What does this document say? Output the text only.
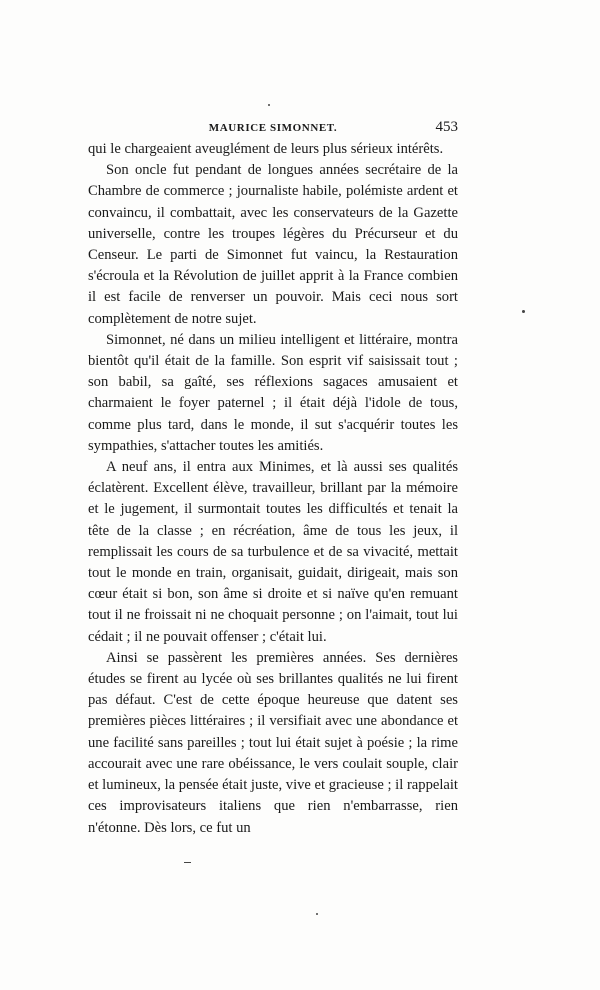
MAURICE SIMONNET.	453

qui le chargeaient aveuglément de leurs plus sérieux intérêts.

Son oncle fut pendant de longues années secrétaire de la Chambre de commerce ; journaliste habile, polémiste ardent et convaincu, il combattait, avec les conservateurs de la Gazette universelle, contre les troupes légères du Précurseur et du Censeur. Le parti de Simonnet fut vaincu, la Restauration s'écroula et la Révolution de juillet apprit à la France combien il est facile de renverser un pouvoir. Mais ceci nous sort complètement de notre sujet.

Simonnet, né dans un milieu intelligent et littéraire, montra bientôt qu'il était de la famille. Son esprit vif saisissait tout ; son babil, sa gaîté, ses réflexions sagaces amusaient et charmaient le foyer paternel ; il était déjà l'idole de tous, comme plus tard, dans le monde, il sut s'acquérir toutes les sympathies, s'attacher toutes les amitiés.

A neuf ans, il entra aux Minimes, et là aussi ses qualités éclatèrent. Excellent élève, travailleur, brillant par la mémoire et le jugement, il surmontait toutes les difficultés et tenait la tête de la classe ; en récréation, âme de tous les jeux, il remplissait les cours de sa turbulence et de sa vivacité, mettait tout le monde en train, organisait, guidait, dirigeait, mais son cœur était si bon, son âme si droite et si naïve qu'en remuant tout il ne froissait ni ne choquait personne ; on l'aimait, tout lui cédait ; il ne pouvait offenser ; c'était lui.

Ainsi se passèrent les premières années. Ses dernières études se firent au lycée où ses brillantes qualités ne lui firent pas défaut. C'est de cette époque heureuse que datent ses premières pièces littéraires ; il versifiait avec une abondance et une facilité sans pareilles ; tout lui était sujet à poésie ; la rime accourait avec une rare obéissance, le vers coulait souple, clair et lumineux, la pensée était juste, vive et gracieuse ; il rappelait ces improvisateurs italiens que rien n'embarrasse, rien n'étonne. Dès lors, ce fut un
